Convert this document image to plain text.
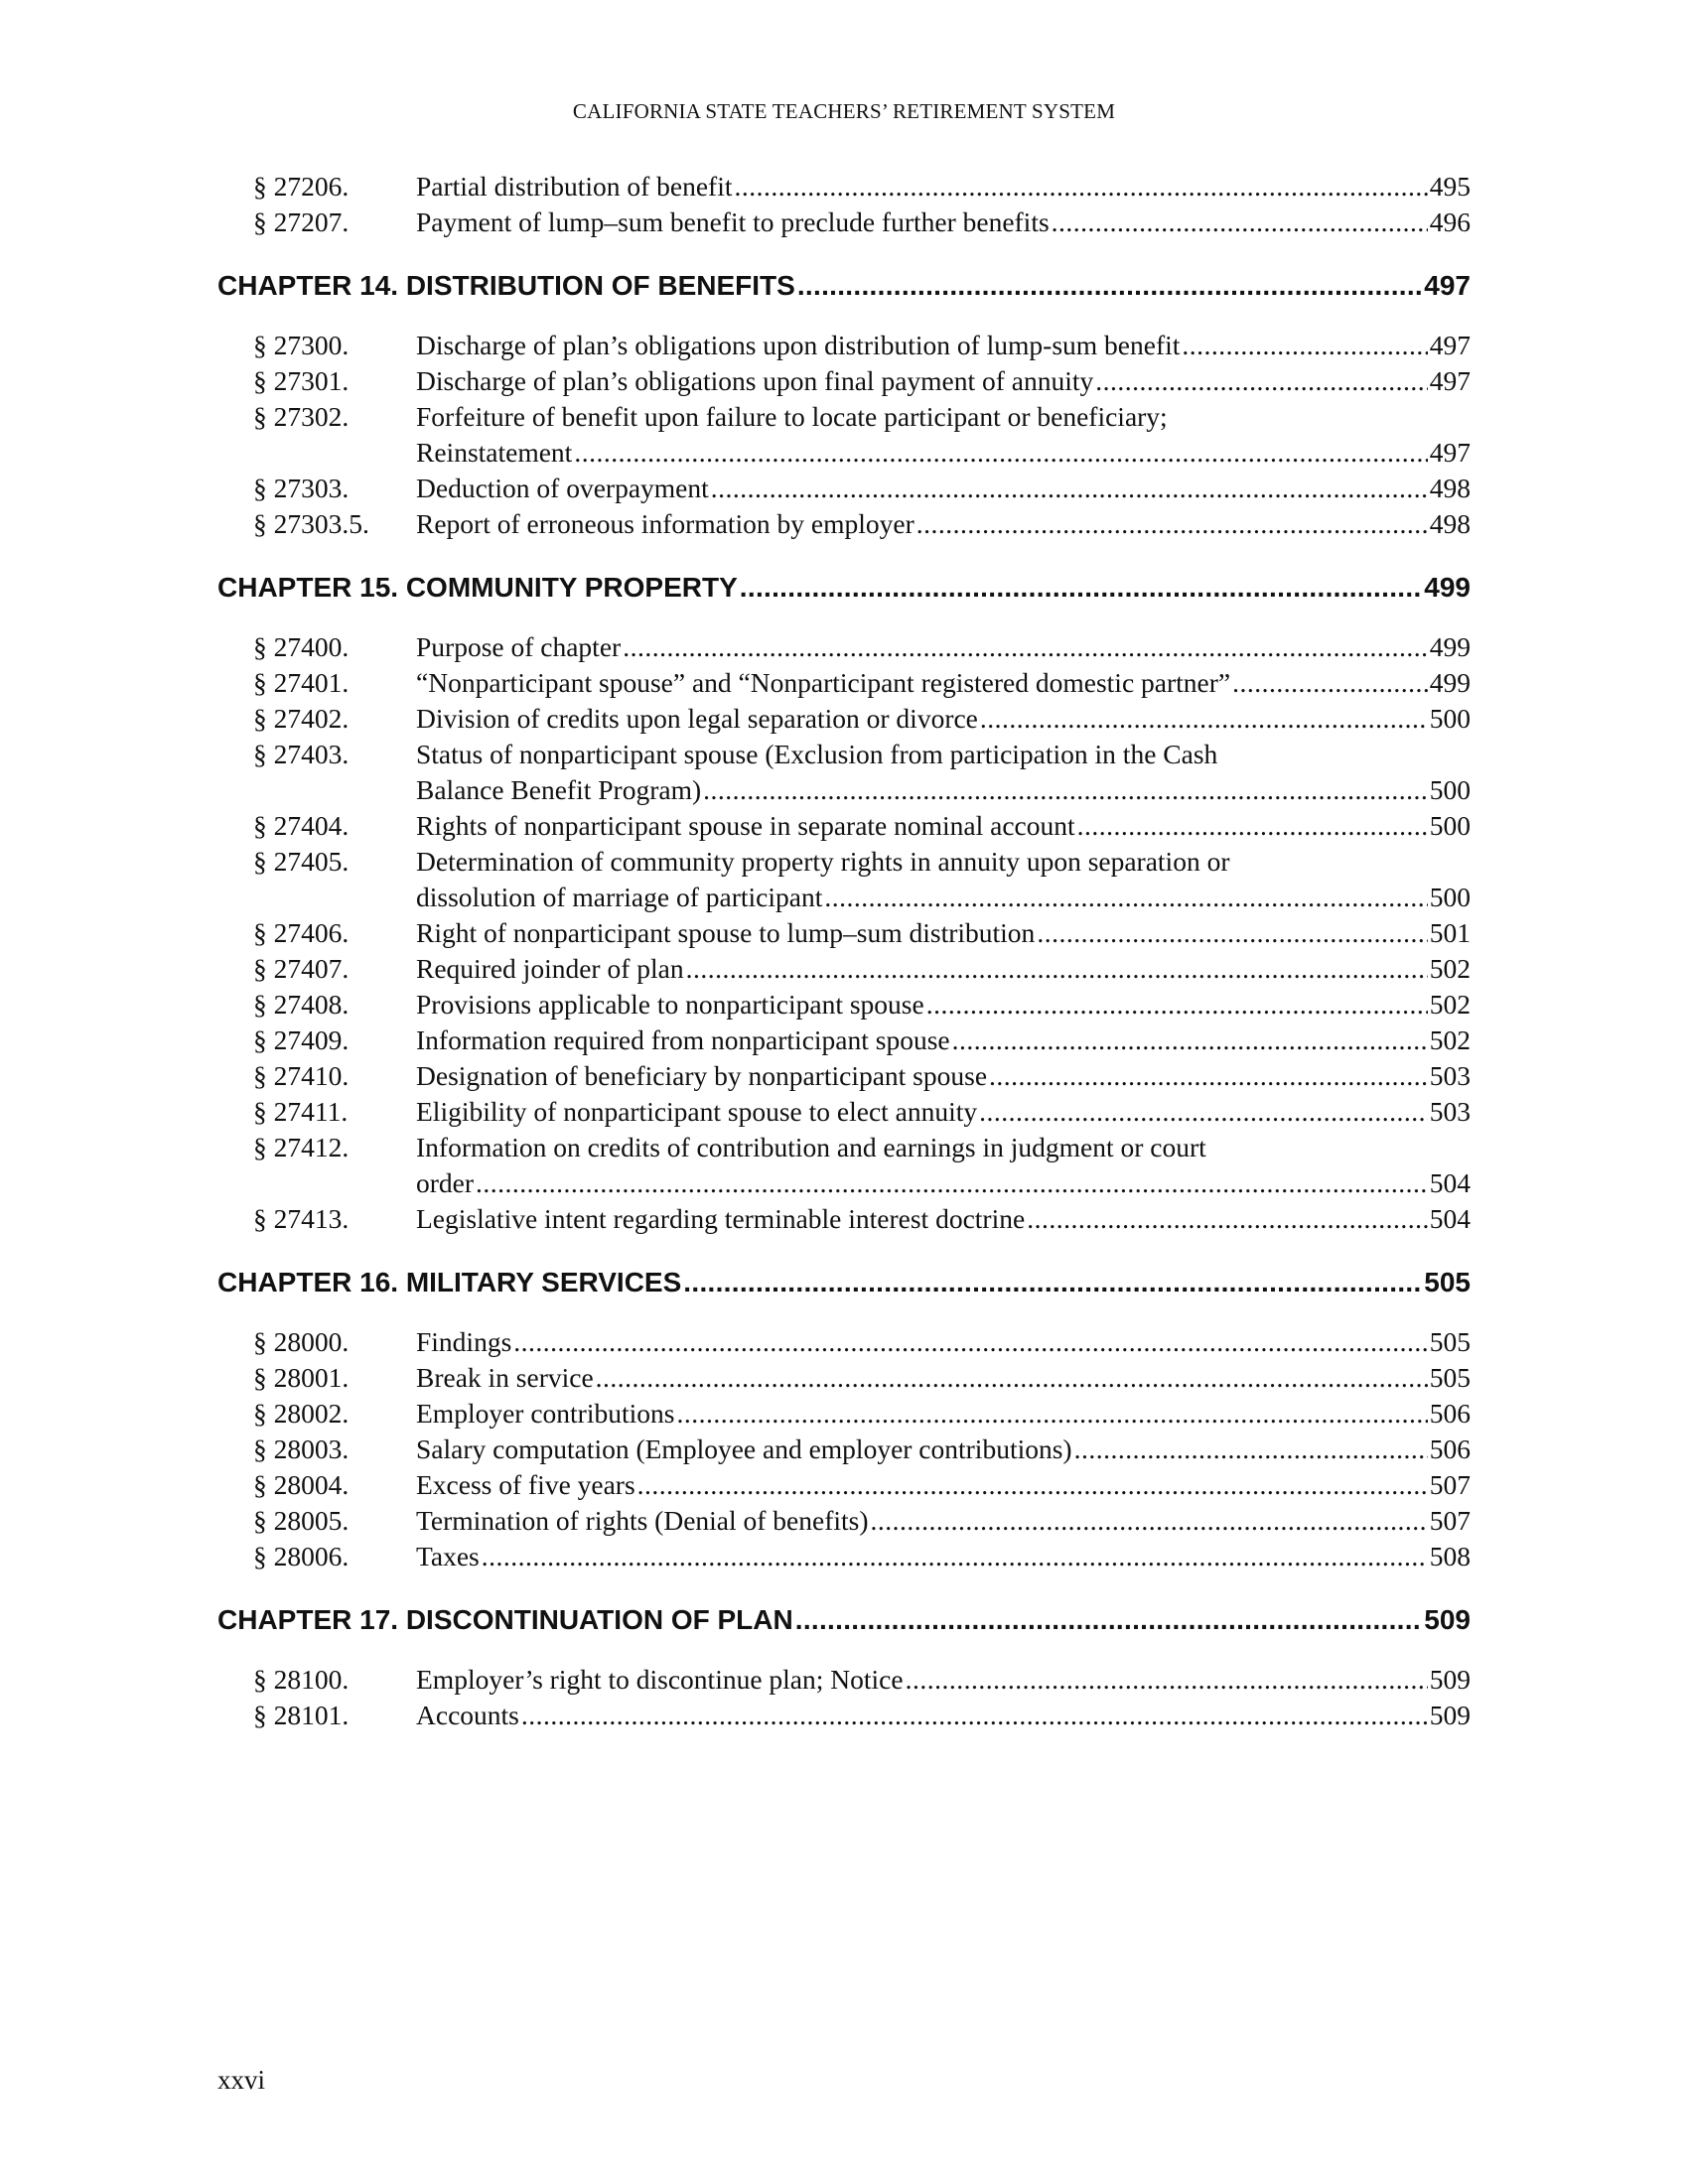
CALIFORNIA STATE TEACHERS’ RETIREMENT SYSTEM
§ 27206.	Partial distribution of benefit .....	495
§ 27207.	Payment of lump–sum benefit to preclude further benefits .....	496
CHAPTER 14. DISTRIBUTION OF BENEFITS .....	497
§ 27300.	Discharge of plan’s obligations upon distribution of lump-sum benefit .....	497
§ 27301.	Discharge of plan’s obligations upon final payment of annuity .....	497
§ 27302.	Forfeiture of benefit upon failure to locate participant or beneficiary;
Reinstatement .....	497
§ 27303.	Deduction of overpayment .....	498
§ 27303.5.	Report of erroneous information by employer .....	498
CHAPTER 15. COMMUNITY PROPERTY .....	499
§ 27400.	Purpose of chapter .....	499
§ 27401.	“Nonparticipant spouse” and “Nonparticipant registered domestic partner” .....	499
§ 27402.	Division of credits upon legal separation or divorce .....	500
§ 27403.	Status of nonparticipant spouse (Exclusion from participation in the Cash
Balance Benefit Program) .....	500
§ 27404.	Rights of nonparticipant spouse in separate nominal account .....	500
§ 27405.	Determination of community property rights in annuity upon separation or
dissolution of marriage of participant .....	500
§ 27406.	Right of nonparticipant spouse to lump–sum distribution .....	501
§ 27407.	Required joinder of plan .....	502
§ 27408.	Provisions applicable to nonparticipant spouse .....	502
§ 27409.	Information required from nonparticipant spouse .....	502
§ 27410.	Designation of beneficiary by nonparticipant spouse .....	503
§ 27411.	Eligibility of nonparticipant spouse to elect annuity .....	503
§ 27412.	Information on credits of contribution and earnings in judgment or court
order .....	504
§ 27413.	Legislative intent regarding terminable interest doctrine .....	504
CHAPTER 16. MILITARY SERVICES .....	505
§ 28000.	Findings .....	505
§ 28001.	Break in service .....	505
§ 28002.	Employer contributions .....	506
§ 28003.	Salary computation (Employee and employer contributions) .....	506
§ 28004.	Excess of five years .....	507
§ 28005.	Termination of rights (Denial of benefits) .....	507
§ 28006.	Taxes .....	508
CHAPTER 17. DISCONTINUATION OF PLAN .....	509
§ 28100.	Employer’s right to discontinue plan; Notice .....	509
§ 28101.	Accounts .....	509
xxvi
